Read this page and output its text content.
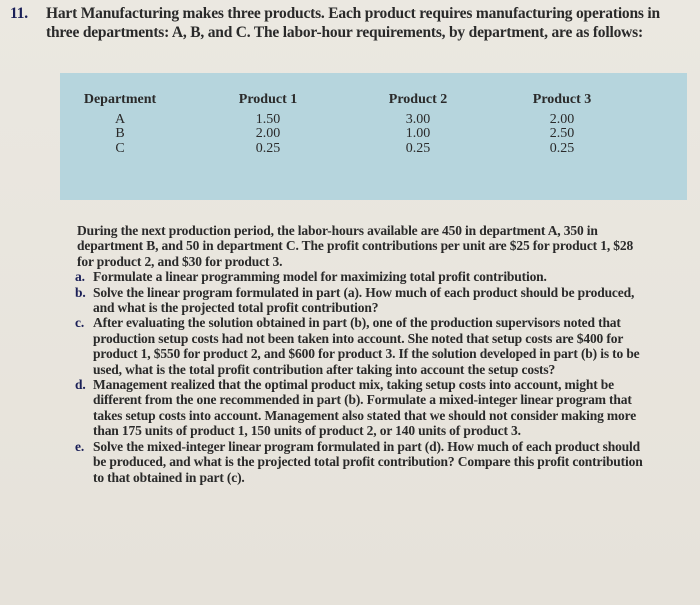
11. Hart Manufacturing makes three products. Each product requires manufacturing operations in
three departments: A, B, and C. The labor-hour requirements, by department, are as follows:
Department
A
B
C
Product 1
1.50
2.00
0.25
Product 2
3.00
1.00
0.25
Product 3
2.00
2.50
0.25

During the next production period, the labor-hours available are 450 in department A, 350 in department B, and 50 in department C. The profit contributions per unit are $25 for product 1, $28 for product 2, and $30 for product 3.

a. Formulate a linear programming model for maximizing total profit contribution.
b. Solve the linear program formulated in part (a). How much of each product should be produced, and what is the projected total profit contribution?
c. After evaluating the solution obtained in part (b), one of the production supervisors noted that production setup costs had not been taken into account. She noted that setup costs are $400 for product 1, $550 for product 2, and $600 for product 3. If the solution developed in part (b) is to be used, what is the total profit contribution after taking into account the setup costs?
d. Management realized that the optimal product mix, taking setup costs into account, might be different from the one recommended in part (b). Formulate a mixed-integer linear program that takes setup costs into account. Management also stated that we should not consider making more than 175 units of product 1, 150 units of product 2, or 140 units of product 3.
e. Solve the mixed-integer linear program formulated in part (d). How much of each product should be produced, and what is the projected total profit contribution? Compare this profit contribution to that obtained in part (c).
